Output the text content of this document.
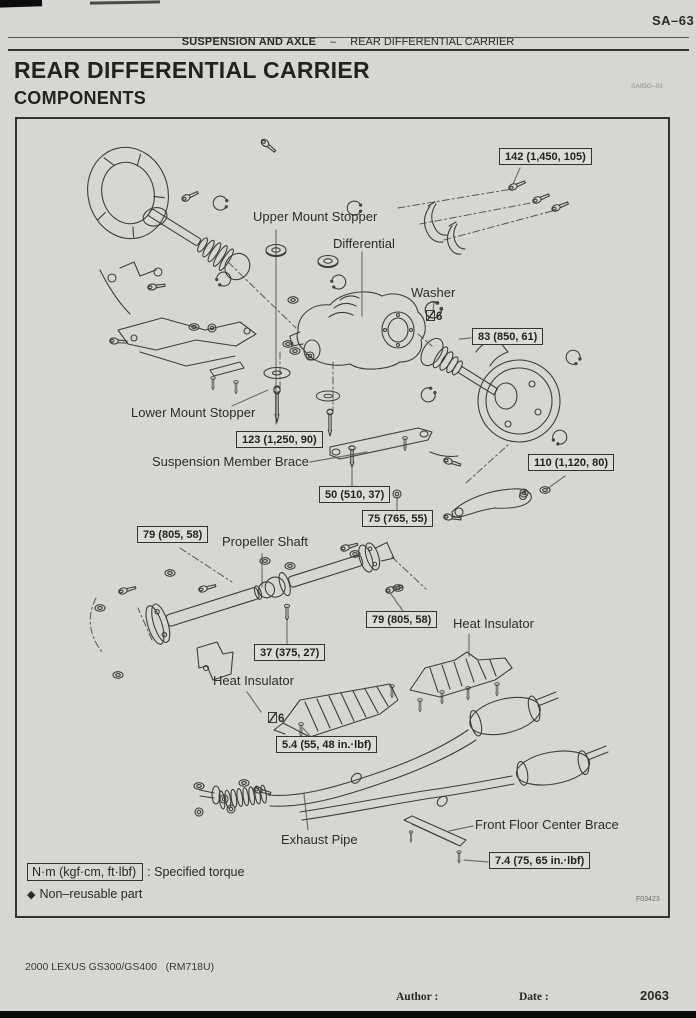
SA–63
SUSPENSION AND AXLE – REAR DIFFERENTIAL CARRIER
REAR DIFFERENTIAL CARRIER
COMPONENTS
SA05G–03
Upper Mount Stopper
Differential
Washer
Lower Mount Stopper
Suspension Member Brace
Propeller Shaft
Heat Insulator
Heat Insulator
Exhaust Pipe
Front Floor Center Brace
142 (1,450, 105)
83 (850, 61)
123 (1,250, 90)
50 (510, 37)
75 (765, 55)
110 (1,120, 80)
79 (805, 58)
79 (805, 58)
37 (375, 27)
5.4 (55, 48 in.·lbf)
7.4 (75, 65 in.·lbf)
6
6
N·m (kgf·cm, ft·lbf) : Specified torque
◆ Non–reusable part	F03423
2000 LEXUS GS300/GS400   (RM718U)
Author :	Date :	2063
